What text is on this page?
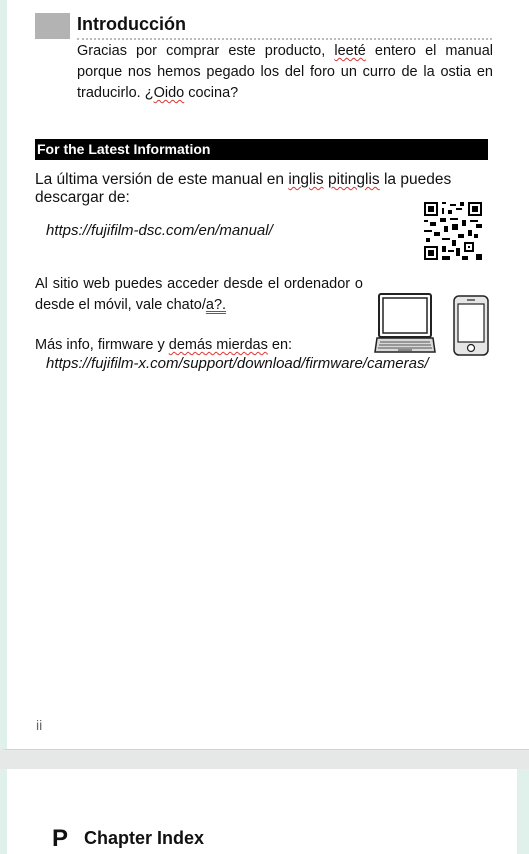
Introducción
Gracias por comprar este producto, leeté entero el manual porque nos hemos pegado los del foro un curro de la ostia en traducirlo. ¿Oido cocina?
For the Latest Information
La última versión de este manual en inglis pitinglis la puedes descargar de:
https://fujifilm-dsc.com/en/manual/
Al sitio web puedes acceder desde el ordenador o desde el móvil, vale chato/a?.
Más info, firmware y demás mierdas en:
https://fujifilm-x.com/support/download/firmware/cameras/
ii
P Chapter Index
